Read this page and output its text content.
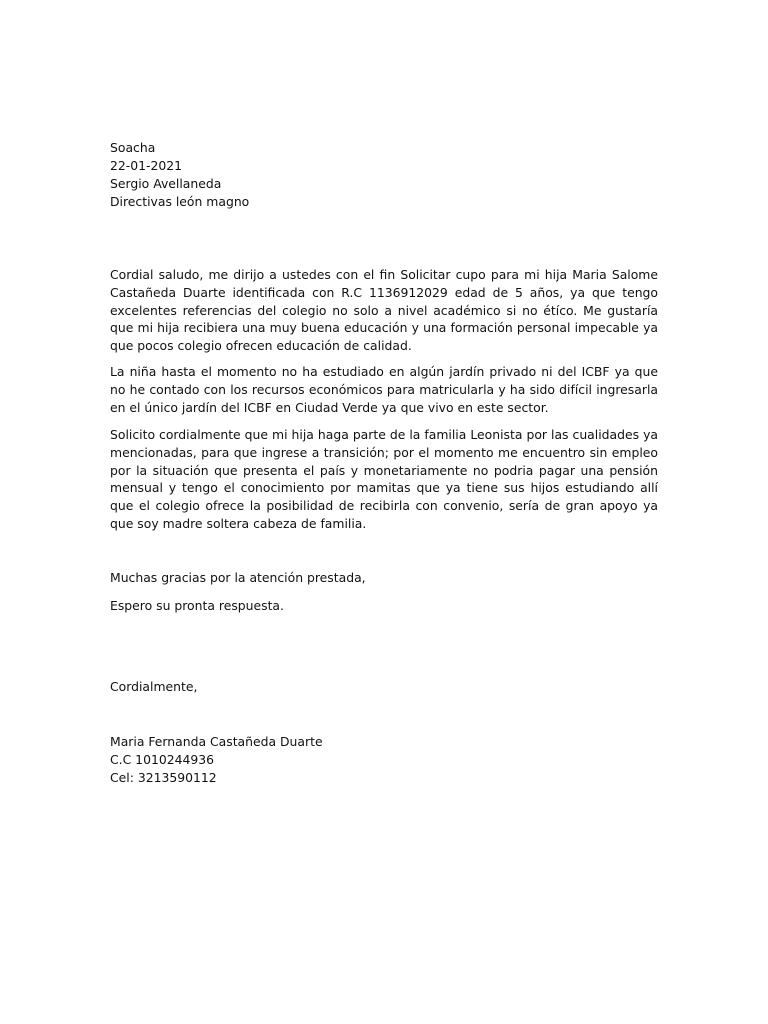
Soacha

22-01-2021

Sergio Avellaneda

Directivas león magno

Cordial saludo, me dirijo a ustedes con el fin Solicitar cupo para mi hija Maria Salome Castañeda Duarte identificada con R.C 1136912029 edad de 5 años, ya que tengo excelentes referencias del colegio no solo a nivel académico si no étíco. Me gustaría que mi hija recibiera una muy buena educación y una formación personal impecable ya que pocos colegio ofrecen educación de calidad.

La niña hasta el momento no ha estudiado en algún jardín privado ni del ICBF ya que no he contado con los recursos económicos para matricularla y ha sido difícil ingresarla en el único jardín del ICBF en Ciudad Verde ya que vivo en este sector.

Solicito cordialmente que mi hija haga parte de la familia Leonista por las cualidades ya mencionadas, para que ingrese a transición; por el momento me encuentro sin empleo por la situación que presenta el país y monetariamente no podria pagar una pensión mensual y tengo el conocimiento por mamitas que ya tiene sus hijos estudiando allí que el colegio ofrece la posibilidad de recibirla con convenio, sería de gran apoyo ya que soy madre soltera cabeza de familia.

Muchas gracias por la atención prestada,

Espero su pronta respuesta.

Cordialmente,

Maria Fernanda Castañeda Duarte

C.C 1010244936

Cel: 3213590112
